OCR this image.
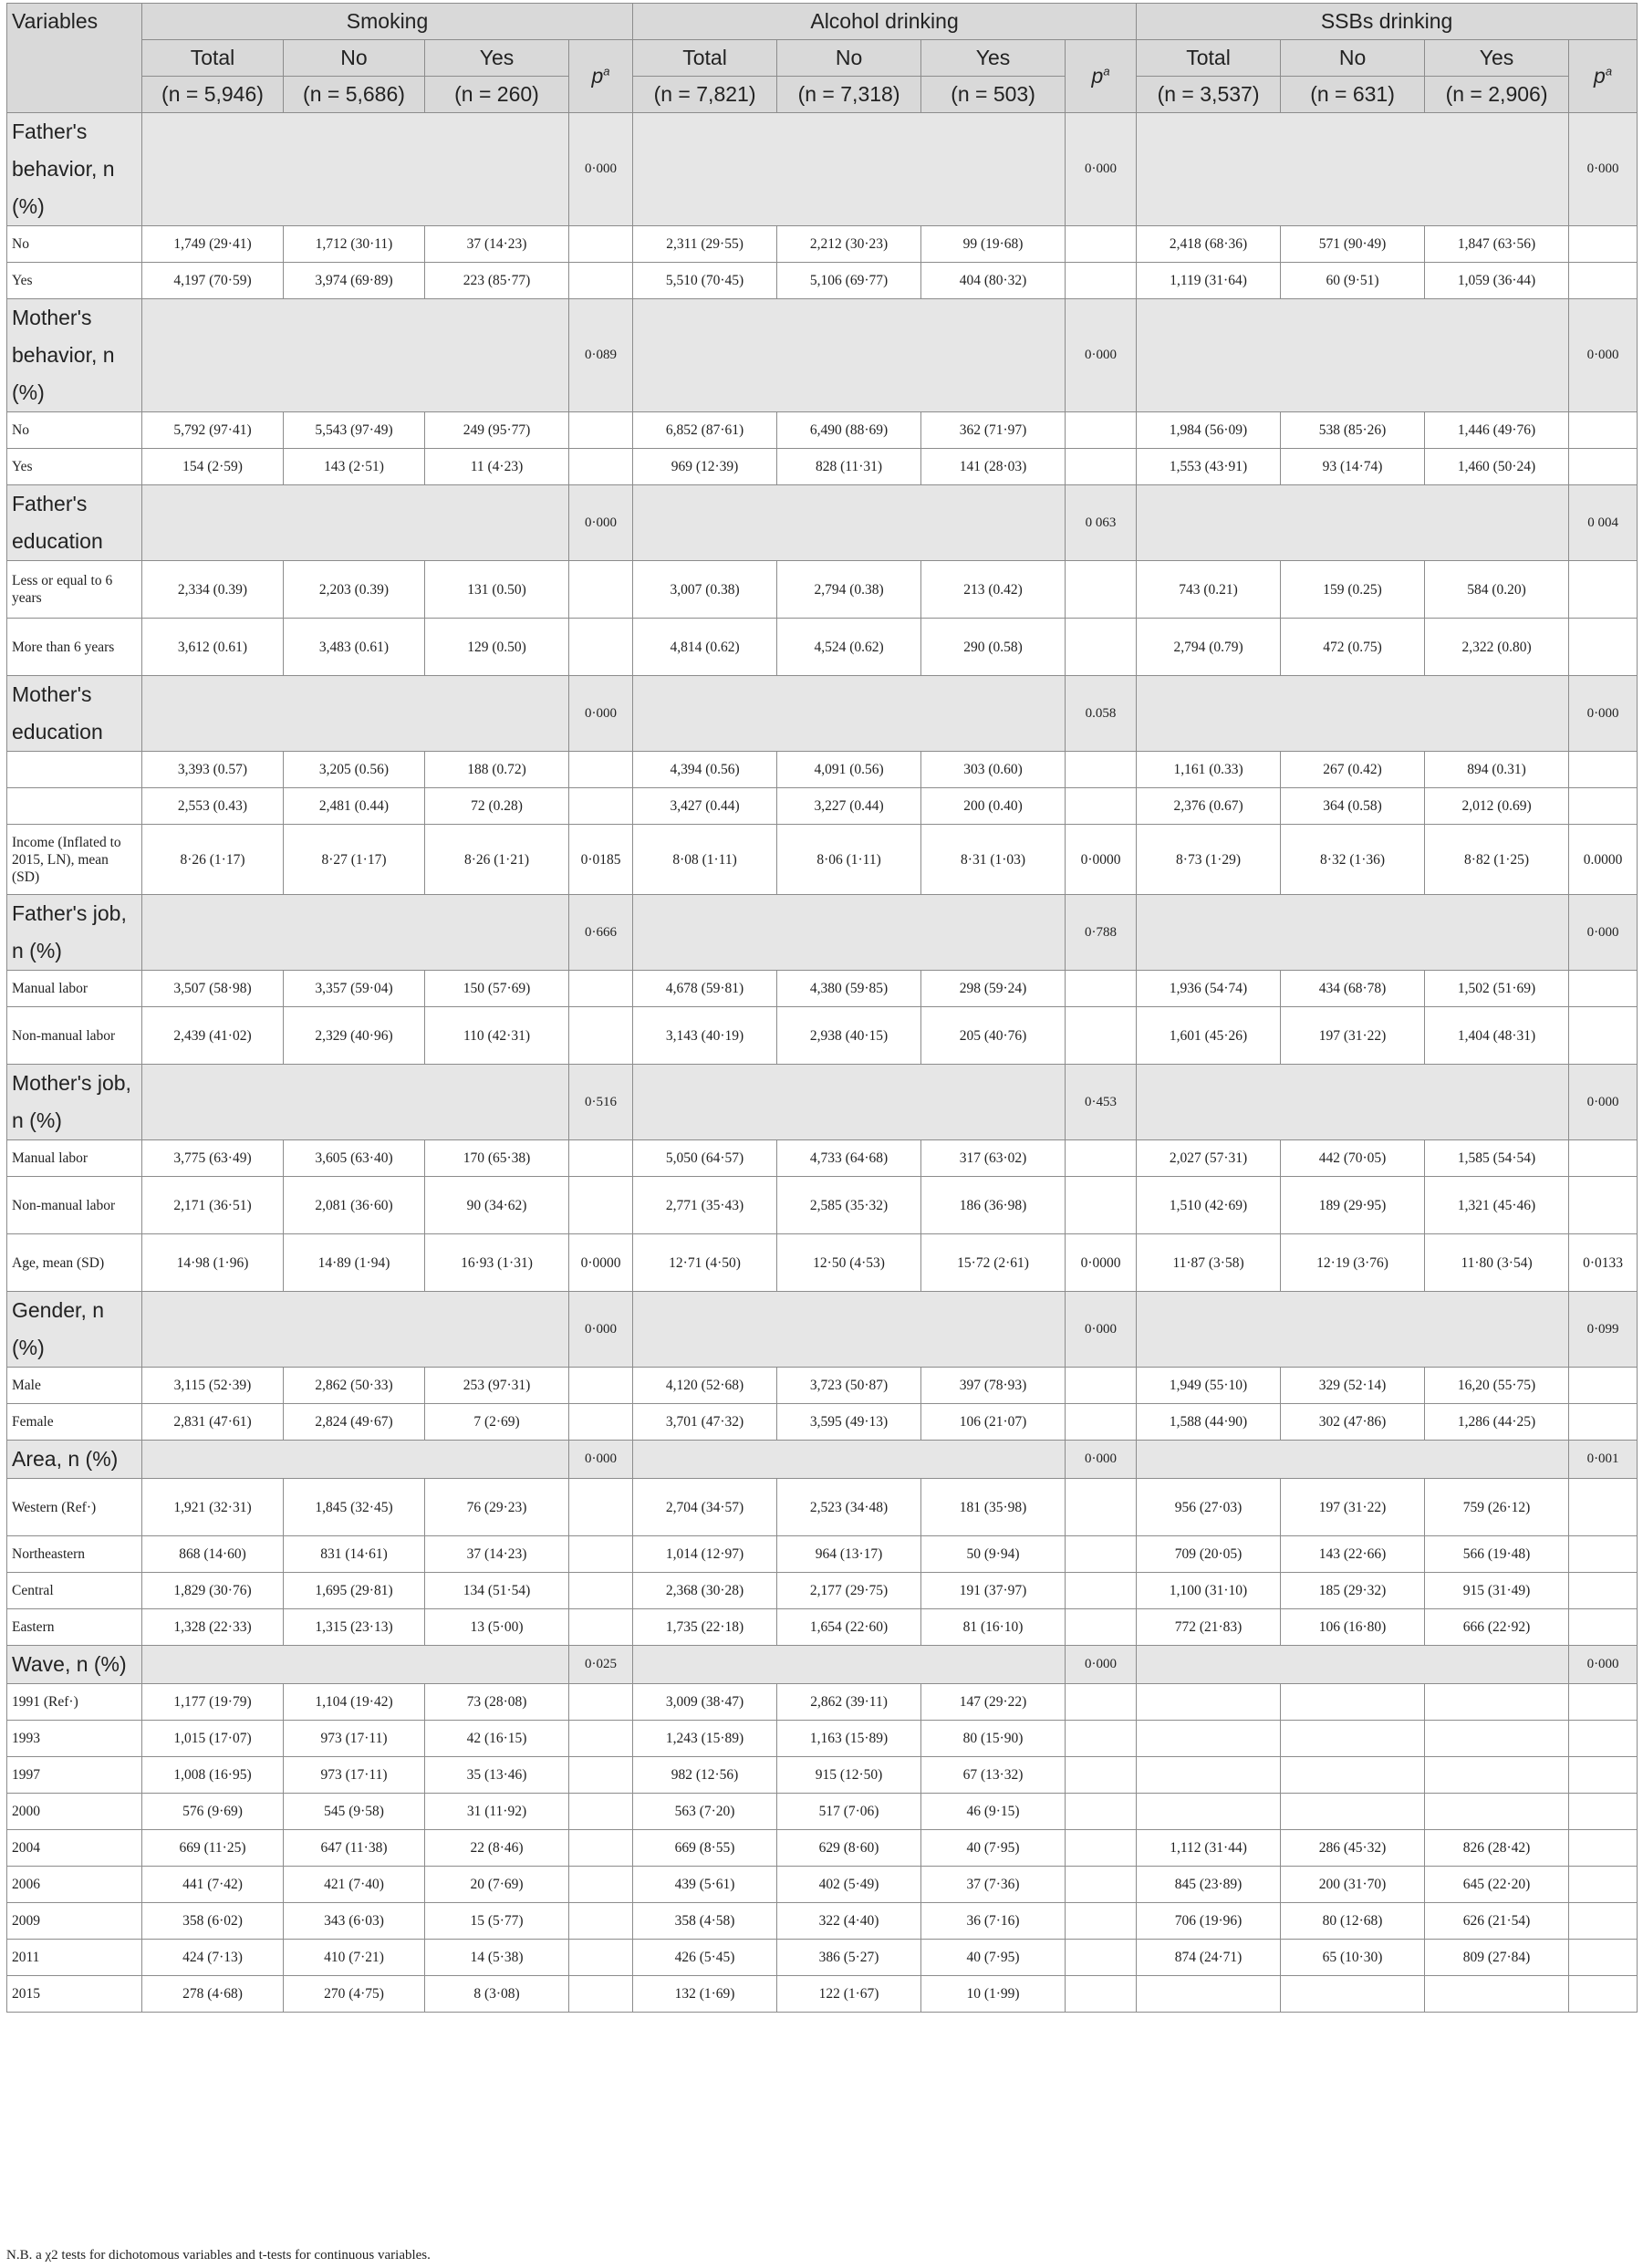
Variables	Smoking				Alcohol drinking				SSBs drinking			
	Total	No	Yes	$p^a$	Total	No	Yes	$p^a$	Total	No	Yes	$p^a$
	(n = 5,946)	(n = 5,686)	(n = 260)		(n = 7,821)	(n = 7,318)	(n = 503)		(n = 3,537)	(n = 631)	(n = 2,906)	
Father's behavior, n (%)				0·000				0·000				0·000
No	1,749 (29·41)	1,712 (30·11)	37 (14·23)		2,311 (29·55)	2,212 (30·23)	99 (19·68)		2,418 (68·36)	571 (90·49)	1,847 (63·56)	
Yes	4,197 (70·59)	3,974 (69·89)	223 (85·77)		5,510 (70·45)	5,106 (69·77)	404 (80·32)		1,119 (31·64)	60 (9·51)	1,059 (36·44)	
Mother's behavior, n (%)				0·089				0·000				0·000
No	5,792 (97·41)	5,543 (97·49)	249 (95·77)		6,852 (87·61)	6,490 (88·69)	362 (71·97)		1,984 (56·09)	538 (85·26)	1,446 (49·76)	
Yes	154 (2·59)	143 (2·51)	11 (4·23)		969 (12·39)	828 (11·31)	141 (28·03)		1,553 (43·91)	93 (14·74)	1,460 (50·24)	
Father's education				0·000				0 063				0 004
Less or equal to 6 years	2,334 (0.39)	2,203 (0.39)	131 (0.50)		3,007 (0.38)	2,794 (0.38)	213 (0.42)		743 (0.21)	159 (0.25)	584 (0.20)	
More than 6 years	3,612 (0.61)	3,483 (0.61)	129 (0.50)		4,814 (0.62)	4,524 (0.62)	290 (0.58)		2,794 (0.79)	472 (0.75)	2,322 (0.80)	
Mother's education				0·000				0.058				0·000
	3,393 (0.57)	3,205 (0.56)	188 (0.72)		4,394 (0.56)	4,091 (0.56)	303 (0.60)		1,161 (0.33)	267 (0.42)	894 (0.31)	
	2,553 (0.43)	2,481 (0.44)	72 (0.28)		3,427 (0.44)	3,227 (0.44)	200 (0.40)		2,376 (0.67)	364 (0.58)	2,012 (0.69)	
Income (Inflated to 2015, LN), mean (SD)	8·26 (1·17)	8·27 (1·17)	8·26 (1·21)	0·0185	8·08 (1·11)	8·06 (1·11)	8·31 (1·03)	0·0000	8·73 (1·29)	8·32 (1·36)	8·82 (1·25)	0.0000
Father's job, n (%)				0·666				0·788				0·000
Manual labor	3,507 (58·98)	3,357 (59·04)	150 (57·69)		4,678 (59·81)	4,380 (59·85)	298 (59·24)		1,936 (54·74)	434 (68·78)	1,502 (51·69)	
Non-manual labor	2,439 (41·02)	2,329 (40·96)	110 (42·31)		3,143 (40·19)	2,938 (40·15)	205 (40·76)		1,601 (45·26)	197 (31·22)	1,404 (48·31)	
Mother's job, n (%)				0·516				0·453				0·000
Manual labor	3,775 (63·49)	3,605 (63·40)	170 (65·38)		5,050 (64·57)	4,733 (64·68)	317 (63·02)		2,027 (57·31)	442 (70·05)	1,585 (54·54)	
Non-manual labor	2,171 (36·51)	2,081 (36·60)	90 (34·62)		2,771 (35·43)	2,585 (35·32)	186 (36·98)		1,510 (42·69)	189 (29·95)	1,321 (45·46)	
Age, mean (SD)	14·98 (1·96)	14·89 (1·94)	16·93 (1·31)	0·0000	12·71 (4·50)	12·50 (4·53)	15·72 (2·61)	0·0000	11·87 (3·58)	12·19 (3·76)	11·80 (3·54)	0·0133
Gender, n (%)				0·000				0·000				0·099
Male	3,115 (52·39)	2,862 (50·33)	253 (97·31)		4,120 (52·68)	3,723 (50·87)	397 (78·93)		1,949 (55·10)	329 (52·14)	16,20 (55·75)	
Female	2,831 (47·61)	2,824 (49·67)	7 (2·69)		3,701 (47·32)	3,595 (49·13)	106 (21·07)		1,588 (44·90)	302 (47·86)	1,286 (44·25)	
Area, n (%)				0·000				0·000				0·001
Western (Ref·)	1,921 (32·31)	1,845 (32·45)	76 (29·23)		2,704 (34·57)	2,523 (34·48)	181 (35·98)		956 (27·03)	197 (31·22)	759 (26·12)	
Northeastern	868 (14·60)	831 (14·61)	37 (14·23)		1,014 (12·97)	964 (13·17)	50 (9·94)		709 (20·05)	143 (22·66)	566 (19·48)	
Central	1,829 (30·76)	1,695 (29·81)	134 (51·54)		2,368 (30·28)	2,177 (29·75)	191 (37·97)		1,100 (31·10)	185 (29·32)	915 (31·49)	
Eastern	1,328 (22·33)	1,315 (23·13)	13 (5·00)		1,735 (22·18)	1,654 (22·60)	81 (16·10)		772 (21·83)	106 (16·80)	666 (22·92)	
Wave, n (%)				0·025				0·000				0·000
1991 (Ref·)	1,177 (19·79)	1,104 (19·42)	73 (28·08)		3,009 (38·47)	2,862 (39·11)	147 (29·22)					
1993	1,015 (17·07)	973 (17·11)	42 (16·15)		1,243 (15·89)	1,163 (15·89)	80 (15·90)					
1997	1,008 (16·95)	973 (17·11)	35 (13·46)		982 (12·56)	915 (12·50)	67 (13·32)					
2000	576 (9·69)	545 (9·58)	31 (11·92)		563 (7·20)	517 (7·06)	46 (9·15)					
2004	669 (11·25)	647 (11·38)	22 (8·46)		669 (8·55)	629 (8·60)	40 (7·95)		1,112 (31·44)	286 (45·32)	826 (28·42)	
2006	441 (7·42)	421 (7·40)	20 (7·69)		439 (5·61)	402 (5·49)	37 (7·36)		845 (23·89)	200 (31·70)	645 (22·20)	
2009	358 (6·02)	343 (6·03)	15 (5·77)		358 (4·58)	322 (4·40)	36 (7·16)		706 (19·96)	80 (12·68)	626 (21·54)	
2011	424 (7·13)	410 (7·21)	14 (5·38)		426 (5·45)	386 (5·27)	40 (7·95)		874 (24·71)	65 (10·30)	809 (27·84)	
2015	278 (4·68)	270 (4·75)	8 (3·08)		132 (1·69)	122 (1·67)	10 (1·99)					
N.B. a χ2 tests for dichotomous variables and t-tests for continuous variables.
